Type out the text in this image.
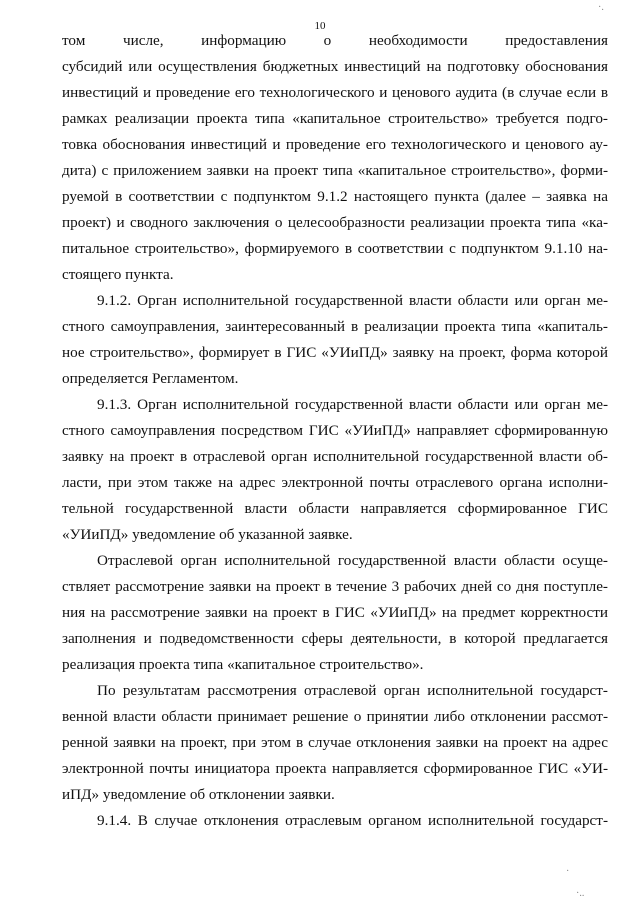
10
том числе, информацию о необходимости предоставления
субсидий или осуществления бюджетных инвестиций на подготовку обоснования
инвестиций и проведение его технологического и ценового аудита (в случае если в
рамках реализации проекта типа «капитальное строительство» требуется подго-
товка обоснования инвестиций и проведение его технологического и ценового ау-
дита) с приложением заявки на проект типа «капитальное строительство», форми-
руемой в соответствии с подпунктом 9.1.2 настоящего пункта (далее – заявка на
проект) и сводного заключения о целесообразности реализации проекта типа «ка-
питальное строительство», формируемого в соответствии с подпунктом 9.1.10 на-
стоящего пункта.
9.1.2. Орган исполнительной государственной власти области или орган ме-
стного самоуправления, заинтересованный в реализации проекта типа «капиталь-
ное строительство», формирует в ГИС «УИиПД» заявку на проект, форма которой
определяется Регламентом.
9.1.3. Орган исполнительной государственной власти области или орган ме-
стного самоуправления посредством ГИС «УИиПД» направляет сформированную
заявку на проект в отраслевой орган исполнительной государственной власти об-
ласти, при этом также на адрес электронной почты отраслевого органа исполни-
тельной государственной власти области направляется сформированное ГИС
«УИиПД» уведомление об указанной заявке.
Отраслевой орган исполнительной государственной власти области осуще-
ствляет рассмотрение заявки на проект в течение 3 рабочих дней со дня поступле-
ния на рассмотрение заявки на проект в ГИС «УИиПД» на предмет корректности
заполнения и подведомственности сферы деятельности, в которой предлагается
реализация проекта типа «капитальное строительство».
По результатам рассмотрения отраслевой орган исполнительной государст-
венной власти области принимает решение о принятии либо отклонении рассмот-
ренной заявки на проект, при этом в случае отклонения заявки на проект на адрес
электронной почты инициатора проекта направляется сформированное ГИС «УИ-
иПД» уведомление об отклонении заявки.
9.1.4. В случае отклонения отраслевым органом исполнительной государст-
·.
·
·..
